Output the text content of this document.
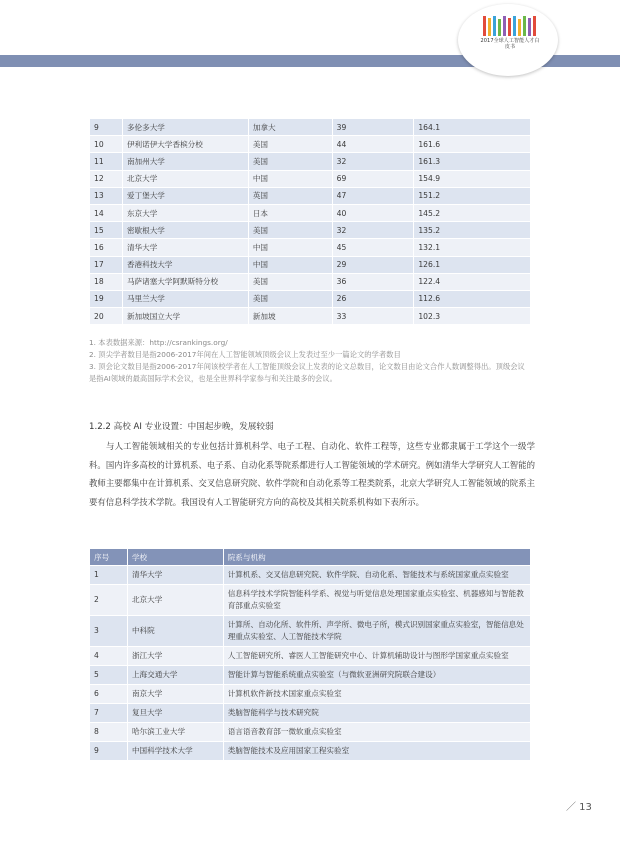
2017全球人工智能人才白皮书
9	多伦多大学	加拿大	39	164.1
10	伊利诺伊大学香槟分校	美国	44	161.6
11	南加州大学	美国	32	161.3
12	北京大学	中国	69	154.9
13	爱丁堡大学	英国	47	151.2
14	东京大学	日本	40	145.2
15	密歇根大学	美国	32	135.2
16	清华大学	中国	45	132.1
17	香港科技大学	中国	29	126.1
18	马萨诸塞大学阿默斯特分校	美国	36	122.4
19	马里兰大学	美国	26	112.6
20	新加坡国立大学	新加坡	33	102.3

1. 本表数据来源：http://csrankings.org/

2. 顶尖学者数目是指2006-2017年间在人工智能领域顶级会议上发表过至少一篇论文的学者数目

3. 顶会论文数目是指2006-2017年间该校学者在人工智能顶级会议上发表的论文总数目，论文数目由论文合作人数调整得出。顶级会议是指AI领域的最高国际学术会议，也是全世界科学家参与和关注最多的会议。

1.2.2 高校 AI 专业设置：中国起步晚，发展较弱

与人工智能领域相关的专业包括计算机科学、电子工程、自动化、软件工程等，这些专业都隶属于工学这个一级学科。国内许多高校的计算机系、电子系、自动化系等院系都进行人工智能领域的学术研究。例如清华大学研究人工智能的教师主要都集中在计算机系、交叉信息研究院、软件学院和自动化系等工程类院系，北京大学研究人工智能领域的院系主要有信息科学技术学院。我国设有人工智能研究方向的高校及其相关院系机构如下表所示。

序号	学校	院系与机构
1	清华大学	计算机系、交叉信息研究院、软件学院、自动化系、智能技术与系统国家重点实验室
2	北京大学	信息科学技术学院智能科学系、视觉与听觉信息处理国家重点实验室、机器感知与智能教育部重点实验室
3	中科院	计算所、自动化所、软件所、声学所、微电子所，模式识别国家重点实验室，智能信息处理重点实验室、人工智能技术学院
4	浙江大学	人工智能研究所、睿医人工智能研究中心、计算机辅助设计与图形学国家重点实验室
5	上海交通大学	智能计算与智能系统重点实验室（与微软亚洲研究院联合建设）
6	南京大学	计算机软件新技术国家重点实验室
7	复旦大学	类脑智能科学与技术研究院
8	哈尔滨工业大学	语言语音教育部一微软重点实验室
9	中国科学技术大学	类脑智能技术及应用国家工程实验室
／ 13
